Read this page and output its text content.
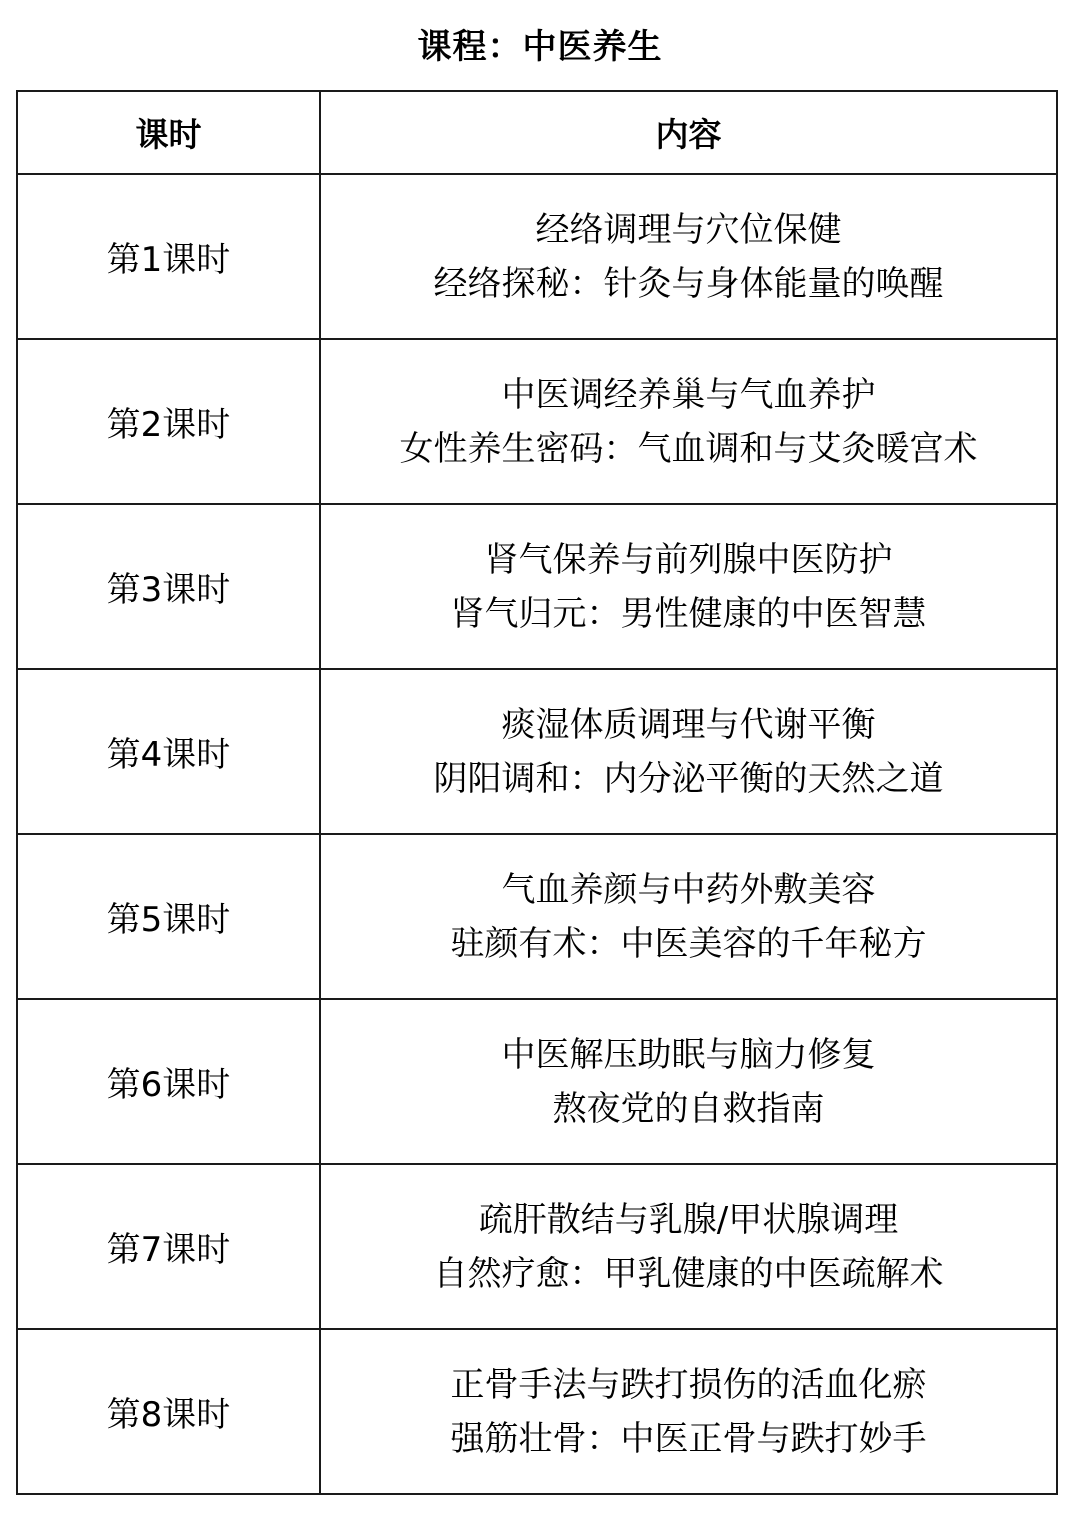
课程：中医养生
课时	内容
第1课时	经络调理与穴位保健
经络探秘：针灸与身体能量的唤醒

第2课时	中医调经养巢与气血养护
女性养生密码：气血调和与艾灸暖宫术

第3课时	肾气保养与前列腺中医防护
肾气归元：男性健康的中医智慧

第4课时	痰湿体质调理与代谢平衡
阴阳调和：内分泌平衡的天然之道

第5课时	气血养颜与中药外敷美容
驻颜有术：中医美容的千年秘方

第6课时	中医解压助眠与脑力修复
熬夜党的自救指南

第7课时	疏肝散结与乳腺/甲状腺调理
自然疗愈：甲乳健康的中医疏解术

第8课时	正骨手法与跌打损伤的活血化瘀
强筋壮骨：中医正骨与跌打妙手
